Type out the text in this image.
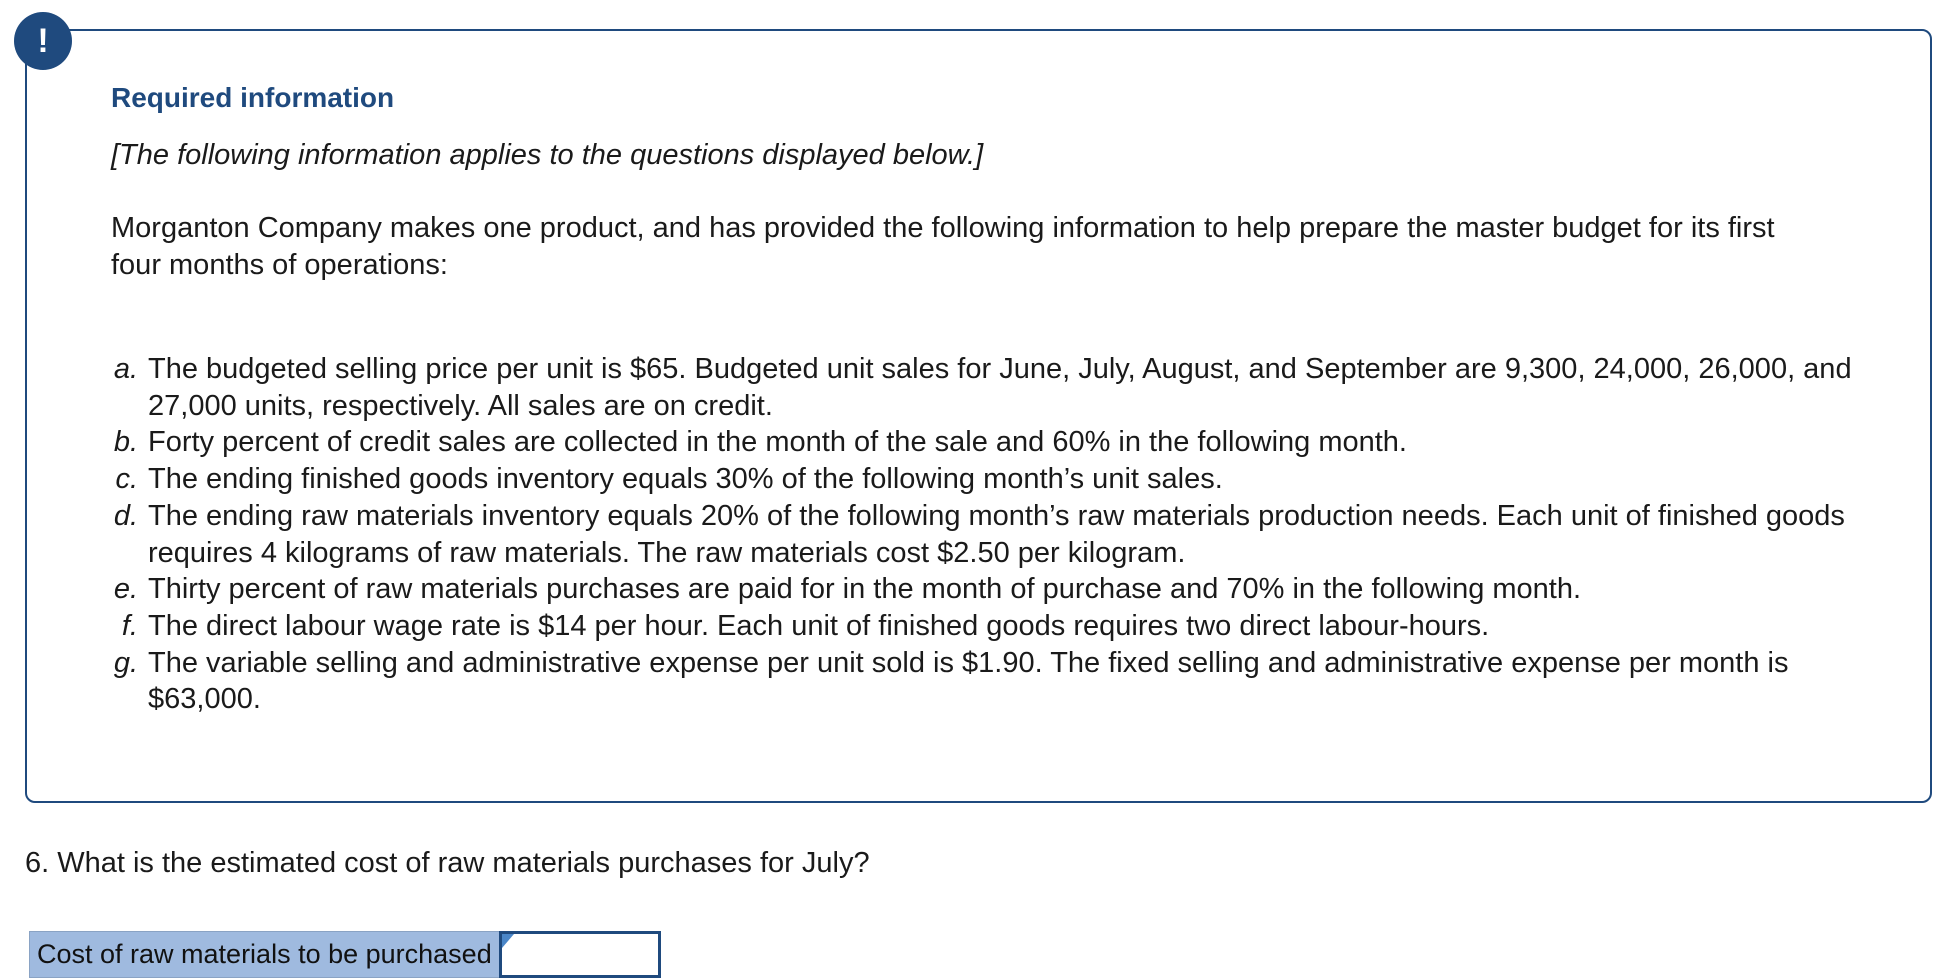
!
Required information

[The following information applies to the questions displayed below.]

Morganton Company makes one product, and has provided the following information to help prepare the master budget for its first four months of operations:

a. The budgeted selling price per unit is $65. Budgeted unit sales for June, July, August, and September are 9,300, 24,000, 26,000, and 27,000 units, respectively. All sales are on credit.
b. Forty percent of credit sales are collected in the month of the sale and 60% in the following month.
c. The ending finished goods inventory equals 30% of the following month’s unit sales.
d. The ending raw materials inventory equals 20% of the following month’s raw materials production needs. Each unit of finished goods requires 4 kilograms of raw materials. The raw materials cost $2.50 per kilogram.
e. Thirty percent of raw materials purchases are paid for in the month of purchase and 70% in the following month.
f. The direct labour wage rate is $14 per hour. Each unit of finished goods requires two direct labour-hours.
g. The variable selling and administrative expense per unit sold is $1.90. The fixed selling and administrative expense per month is $63,000.

6. What is the estimated cost of raw materials purchases for July?

Cost of raw materials to be purchased
